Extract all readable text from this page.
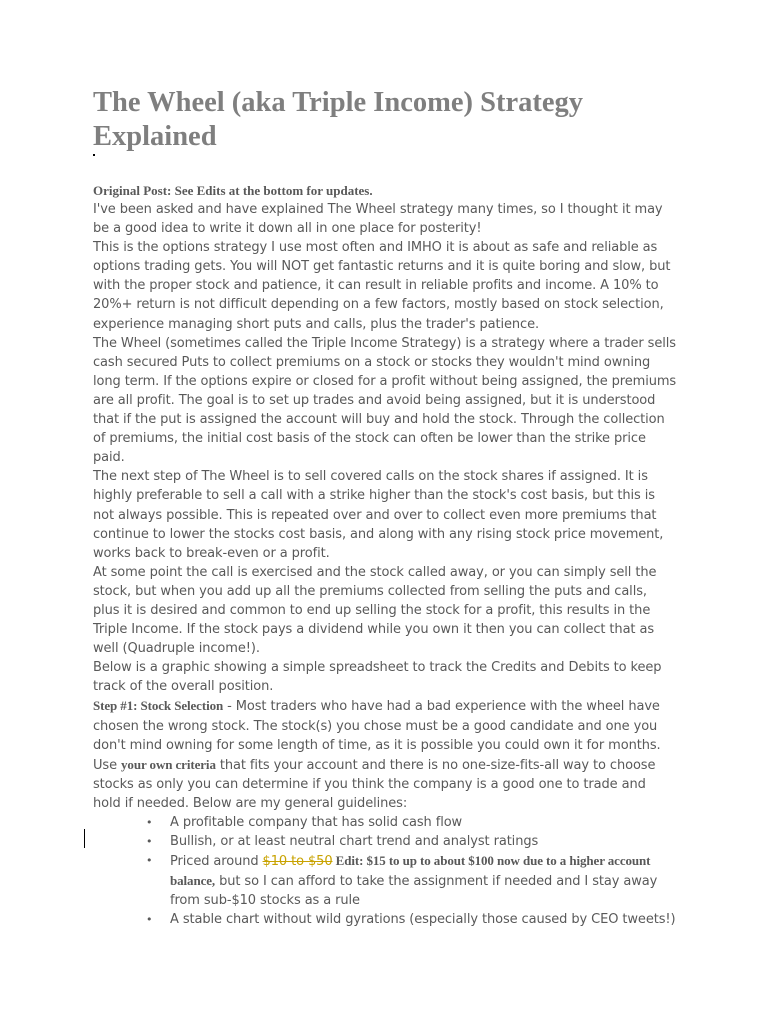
The Wheel (aka Triple Income) Strategy Explained
Original Post: See Edits at the bottom for updates.

I've been asked and have explained The Wheel strategy many times, so I thought it may be a good idea to write it down all in one place for posterity!

This is the options strategy I use most often and IMHO it is about as safe and reliable as options trading gets. You will NOT get fantastic returns and it is quite boring and slow, but with the proper stock and patience, it can result in reliable profits and income. A 10% to 20%+ return is not difficult depending on a few factors, mostly based on stock selection, experience managing short puts and calls, plus the trader's patience.

The Wheel (sometimes called the Triple Income Strategy) is a strategy where a trader sells cash secured Puts to collect premiums on a stock or stocks they wouldn't mind owning long term. If the options expire or closed for a profit without being assigned, the premiums are all profit. The goal is to set up trades and avoid being assigned, but it is understood that if the put is assigned the account will buy and hold the stock. Through the collection of premiums, the initial cost basis of the stock can often be lower than the strike price paid.

The next step of The Wheel is to sell covered calls on the stock shares if assigned. It is highly preferable to sell a call with a strike higher than the stock's cost basis, but this is not always possible. This is repeated over and over to collect even more premiums that continue to lower the stocks cost basis, and along with any rising stock price movement, works back to break-even or a profit.

At some point the call is exercised and the stock called away, or you can simply sell the stock, but when you add up all the premiums collected from selling the puts and calls, plus it is desired and common to end up selling the stock for a profit, this results in the Triple Income. If the stock pays a dividend while you own it then you can collect that as well (Quadruple income!).

Below is a graphic showing a simple spreadsheet to track the Credits and Debits to keep track of the overall position.

Step #1: Stock Selection - Most traders who have had a bad experience with the wheel have chosen the wrong stock. The stock(s) you chose must be a good candidate and one you don't mind owning for some length of time, as it is possible you could own it for months. Use your own criteria that fits your account and there is no one-size-fits-all way to choose stocks as only you can determine if you think the company is a good one to trade and hold if needed. Below are my general guidelines:

• A profitable company that has solid cash flow
• Bullish, or at least neutral chart trend and analyst ratings
• Priced around $10 to $50 Edit: $15 to up to about $100 now due to a higher account balance, but so I can afford to take the assignment if needed and I stay away from sub-$10 stocks as a rule
• A stable chart without wild gyrations (especially those caused by CEO tweets!)
